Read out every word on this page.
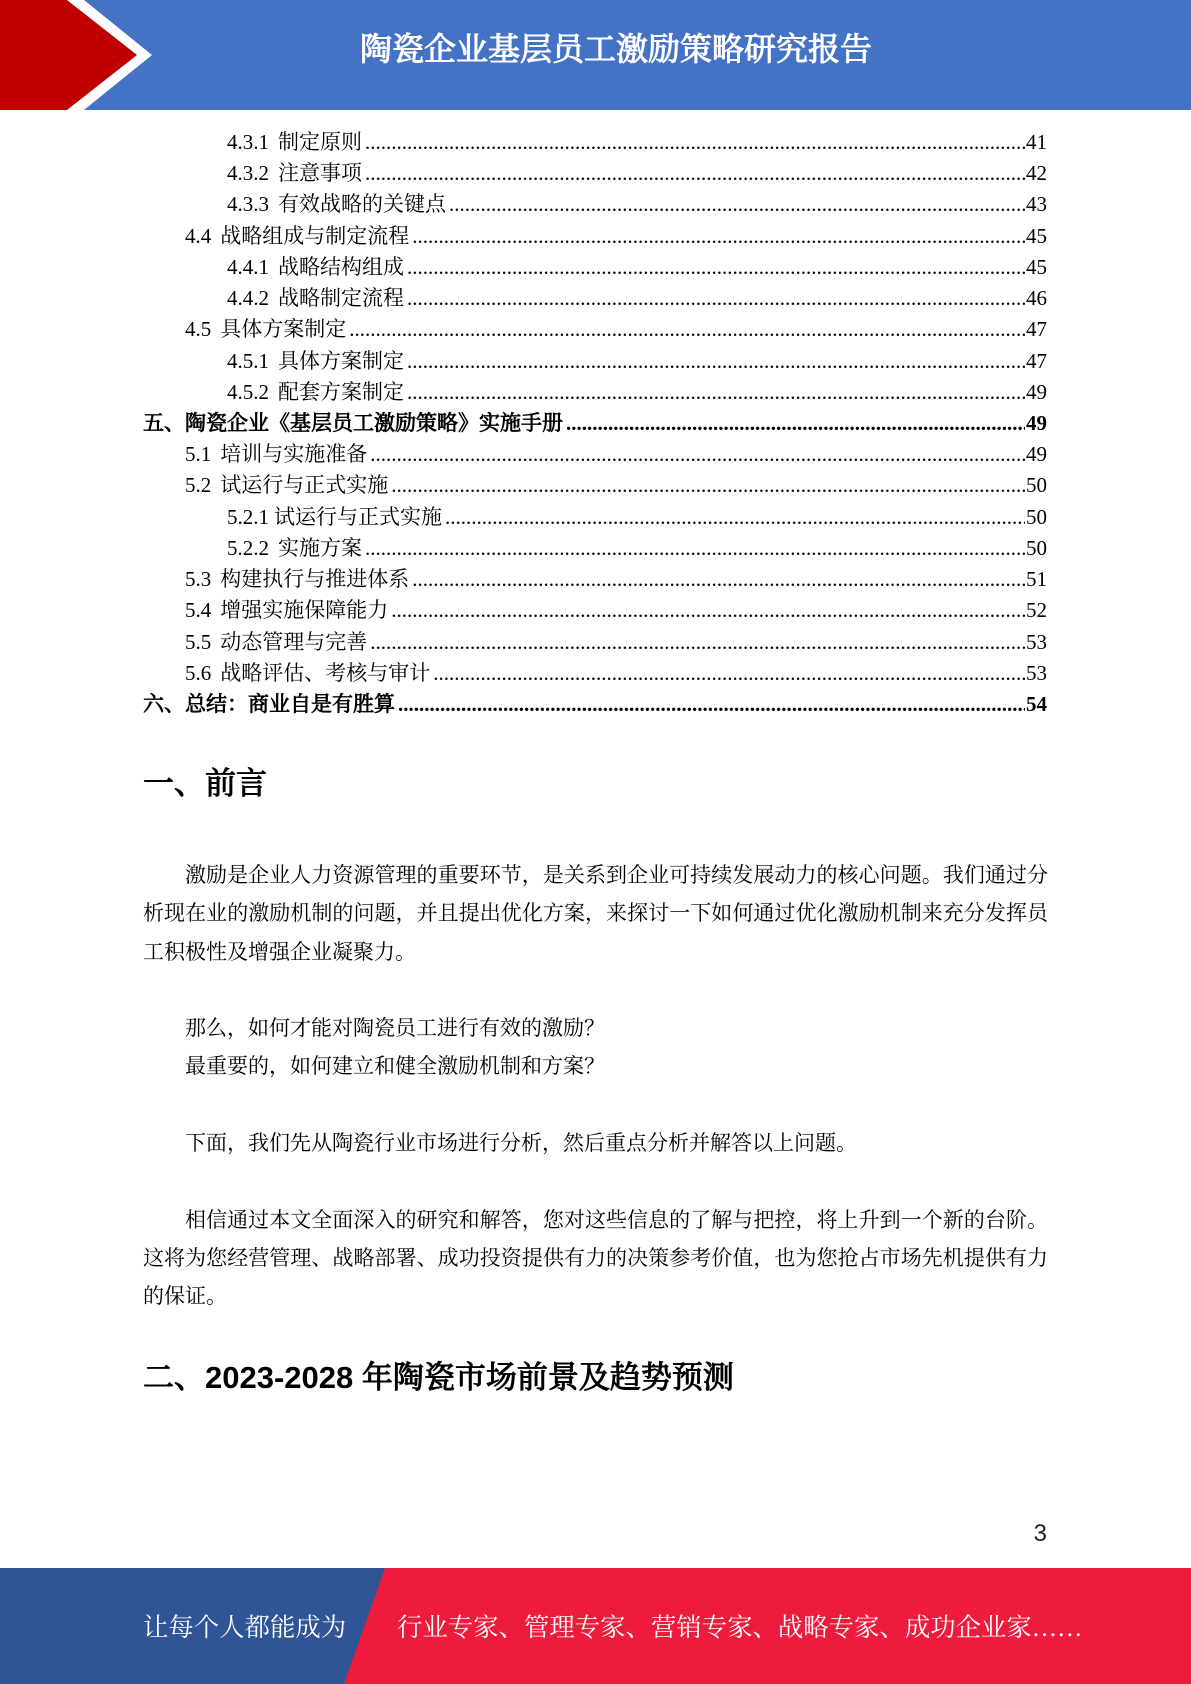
陶瓷企业基层员工激励策略研究报告
4.3.1 制定原则 .....	41
4.3.2 注意事项 .....	42
4.3.3 有效战略的关键点 .....	43
4.4 战略组成与制定流程 .....	45
4.4.1 战略结构组成 .....	45
4.4.2 战略制定流程 .....	46
4.5 具体方案制定 .....	47
4.5.1 具体方案制定 .....	47
4.5.2 配套方案制定 .....	49
五、 陶瓷企业《基层员工激励策略》实施手册 .....	49
5.1 培训与实施准备 .....	49
5.2 试运行与正式实施 .....	50
5.2.1 试运行与正式实施 .....	50
5.2.2 实施方案 .....	50
5.3 构建执行与推进体系 .....	51
5.4 增强实施保障能力 .....	52
5.5 动态管理与完善 .....	53
5.6 战略评估、考核与审计 .....	53
六、 总结：商业自是有胜算 .....	54
一、前言

激励是企业人力资源管理的重要环节，是关系到企业可持续发展动力的核心问题。我们通过分析现在业的激励机制的问题，并且提出优化方案，来探讨一下如何通过优化激励机制来充分发挥员工积极性及增强企业凝聚力。

那么，如何才能对陶瓷员工进行有效的激励？

最重要的，如何建立和健全激励机制和方案？

下面，我们先从陶瓷行业市场进行分析，然后重点分析并解答以上问题。

相信通过本文全面深入的研究和解答，您对这些信息的了解与把控，将上升到一个新的台阶。这将为您经营管理、战略部署、成功投资提供有力的决策参考价值，也为您抢占市场先机提供有力的保证。

二、2023-2028 年陶瓷市场前景及趋势预测
3
让每个人都能成为 行业专家、管理专家、营销专家、战略专家、成功企业家……
